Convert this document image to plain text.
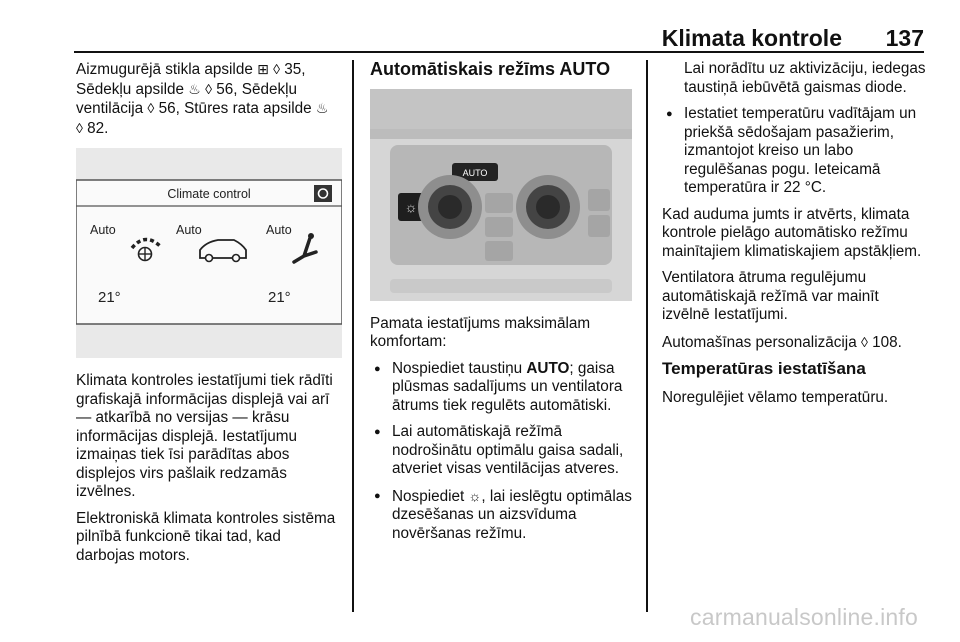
Klimata kontrole 137

Aizmugurējā stikla apsilde ⊞ ◊ 35, Sēdekļu apsilde ♨ ◊ 56, Sēdekļu ventilācija ◊ 56, Stūres rata apsilde ♨
◊ 82.

Climate control
Auto	Auto	Auto
21°	21°

Klimata kontroles iestatījumi tiek rādīti grafiskajā informācijas displejā vai arī — atkarībā no versijas — krāsu informācijas displejā. Iestatījumu izmaiņas tiek īsi parādītas abos displejos virs pašlaik redzamās izvēlnes.

Elektroniskā klimata kontroles sistēma pilnībā funkcionē tikai tad, kad darbojas motors.

Automātiskais režīms AUTO
AUTO
☼

Pamata iestatījums maksimālam komfortam:

● Nospiediet taustiņu AUTO; gaisa plūsmas sadalījums un ventilatora ātrums tiek regulēts automātiski.
● Lai automātiskajā režīmā nodrošinātu optimālu gaisa sadali, atveriet visas ventilācijas atveres.
● Nospiediet ☼, lai ieslēgtu optimālas dzesēšanas un aizsvīduma novēršanas režīmu.

Lai norādītu uz aktivizāciju, iedegas taustiņā iebūvētā gaismas diode.

● Iestatiet temperatūru vadītājam un priekšā sēdošajam pasažierim, izmantojot kreiso un labo regulēšanas pogu. Ieteicamā temperatūra ir 22 °C.

Kad auduma jumts ir atvērts, klimata kontrole pielāgo automātisko režīmu mainītajiem klimatiskajiem apstākļiem.

Ventilatora ātruma regulējumu automātiskajā režīmā var mainīt izvēlnē Iestatījumi.

Automašīnas personalizācija ◊ 108.

Temperatūras iestatīšana

Noregulējiet vēlamo temperatūru.

carmanualsonline.info
